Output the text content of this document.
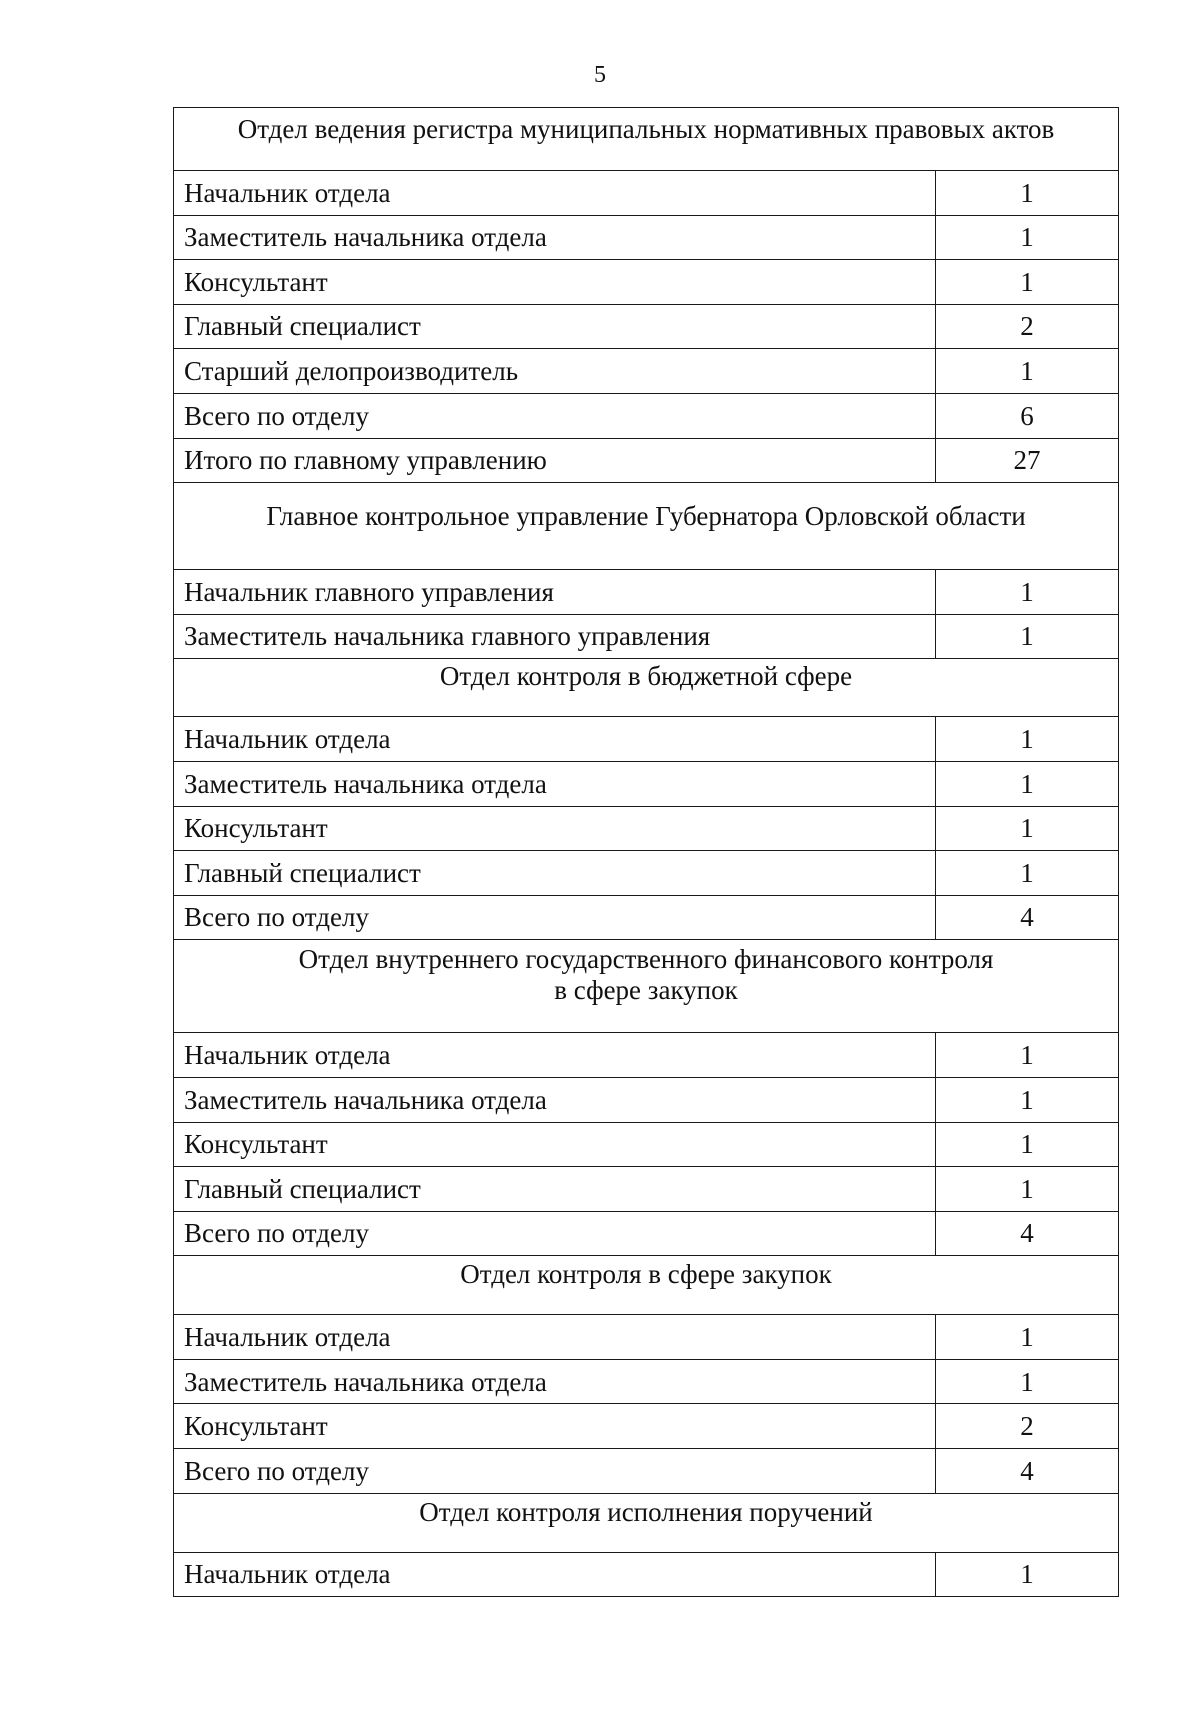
5
Отдел ведения регистра муниципальных нормативных правовых актов	

Начальник отдела	1
Заместитель начальника отдела	1
Консультант	1
Главный специалист	2
Старший делопроизводитель	1
Всего по отделу	6
Итого по главному управлению	27

Главное контрольное управление Губернатора Орловской области	

Начальник главного управления	1
Заместитель начальника главного управления	1

Отдел контроля в бюджетной сфере	

Начальник отдела	1
Заместитель начальника отдела	1
Консультант	1
Главный специалист	1
Всего по отделу	4

Отдел внутреннего государственного финансового контроля
в сфере закупок	

Начальник отдела	1
Заместитель начальника отдела	1
Консультант	1
Главный специалист	1
Всего по отделу	4

Отдел контроля в сфере закупок	

Начальник отдела	1
Заместитель начальника отдела	1
Консультант	2
Всего по отделу	4

Отдел контроля исполнения поручений	

Начальник отдела	1
